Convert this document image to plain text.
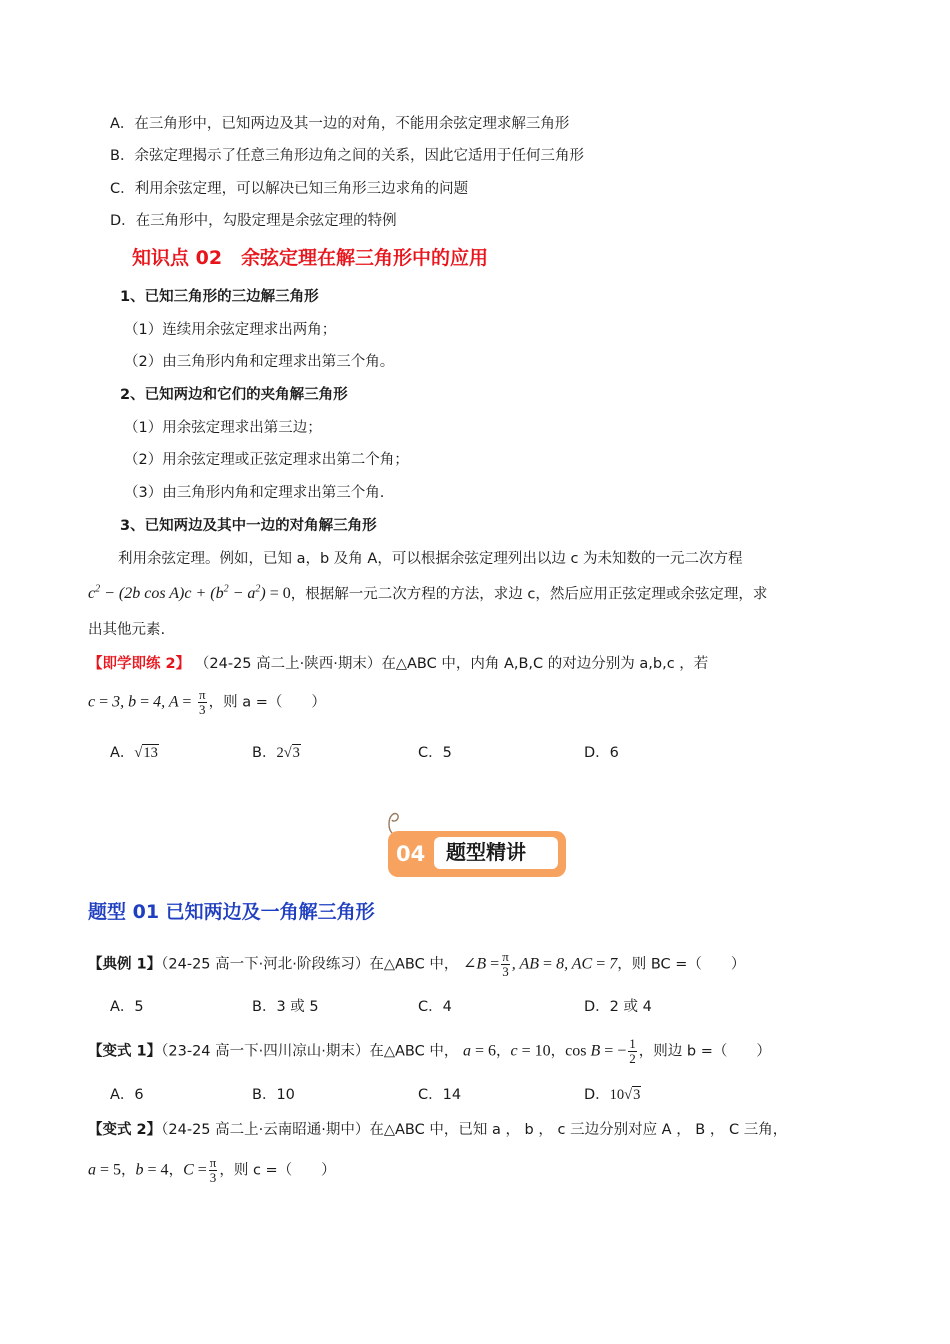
A．在三角形中，已知两边及其一边的对角，不能用余弦定理求解三角形
B．余弦定理揭示了任意三角形边角之间的关系，因此它适用于任何三角形
C．利用余弦定理，可以解决已知三角形三边求角的问题
D．在三角形中，勾股定理是余弦定理的特例
知识点 02　余弦定理在解三角形中的应用
1、已知三角形的三边解三角形
（1）连续用余弦定理求出两角；
（2）由三角形内角和定理求出第三个角。
2、已知两边和它们的夹角解三角形
（1）用余弦定理求出第三边；
（2）用余弦定理或正弦定理求出第二个角；
（3）由三角形内角和定理求出第三个角.
3、已知两边及其中一边的对角解三角形
利用余弦定理。例如，已知 a，b 及角 A，可以根据余弦定理列出以边 c 为未知数的一元二次方程
$c^2 - (2b$ $\cos A)c + (b^2 - a^2) = 0$，根据解一元二次方程的方法，求边 c，然后应用正弦定理或余弦定理，求
出其他元素.
【即学即练 2】 （24-25 高二上·陕西·期末）在△ABC 中，内角 A,B,C 的对边分别为 a,b,c ，若
c = 3, b = 4, $A = \frac{\pi}{3}$ ，则 a =（　　）
A．√13	B．2√3	C．5	D．6
04 题型精讲
题型 01 已知两边及一角解三角形
【典例 1】（24-25 高一下·河北·阶段练习）在△ABC 中， ∠B = $\frac{\pi}{3}$ , AB = 8, AC = 7，则 BC =（　　）
A．5	B．3 或 5	C．4	D．2 或 4
【变式 1】（23-24 高一下·四川凉山·期末）在△ABC 中， a = 6，c = 10，cos B = − $\frac{1}{2}$ ，则边 b =（　　）
A．6	B．10	C．14	D．10√3
【变式 2】（24-25 高二上·云南昭通·期中）在△ABC 中，已知 a ， b ， c 三边分别对应 A ， B ， C 三角，
a = 5，b = 4，$C = \frac{\pi}{3}$ ，则 c =（　　）
